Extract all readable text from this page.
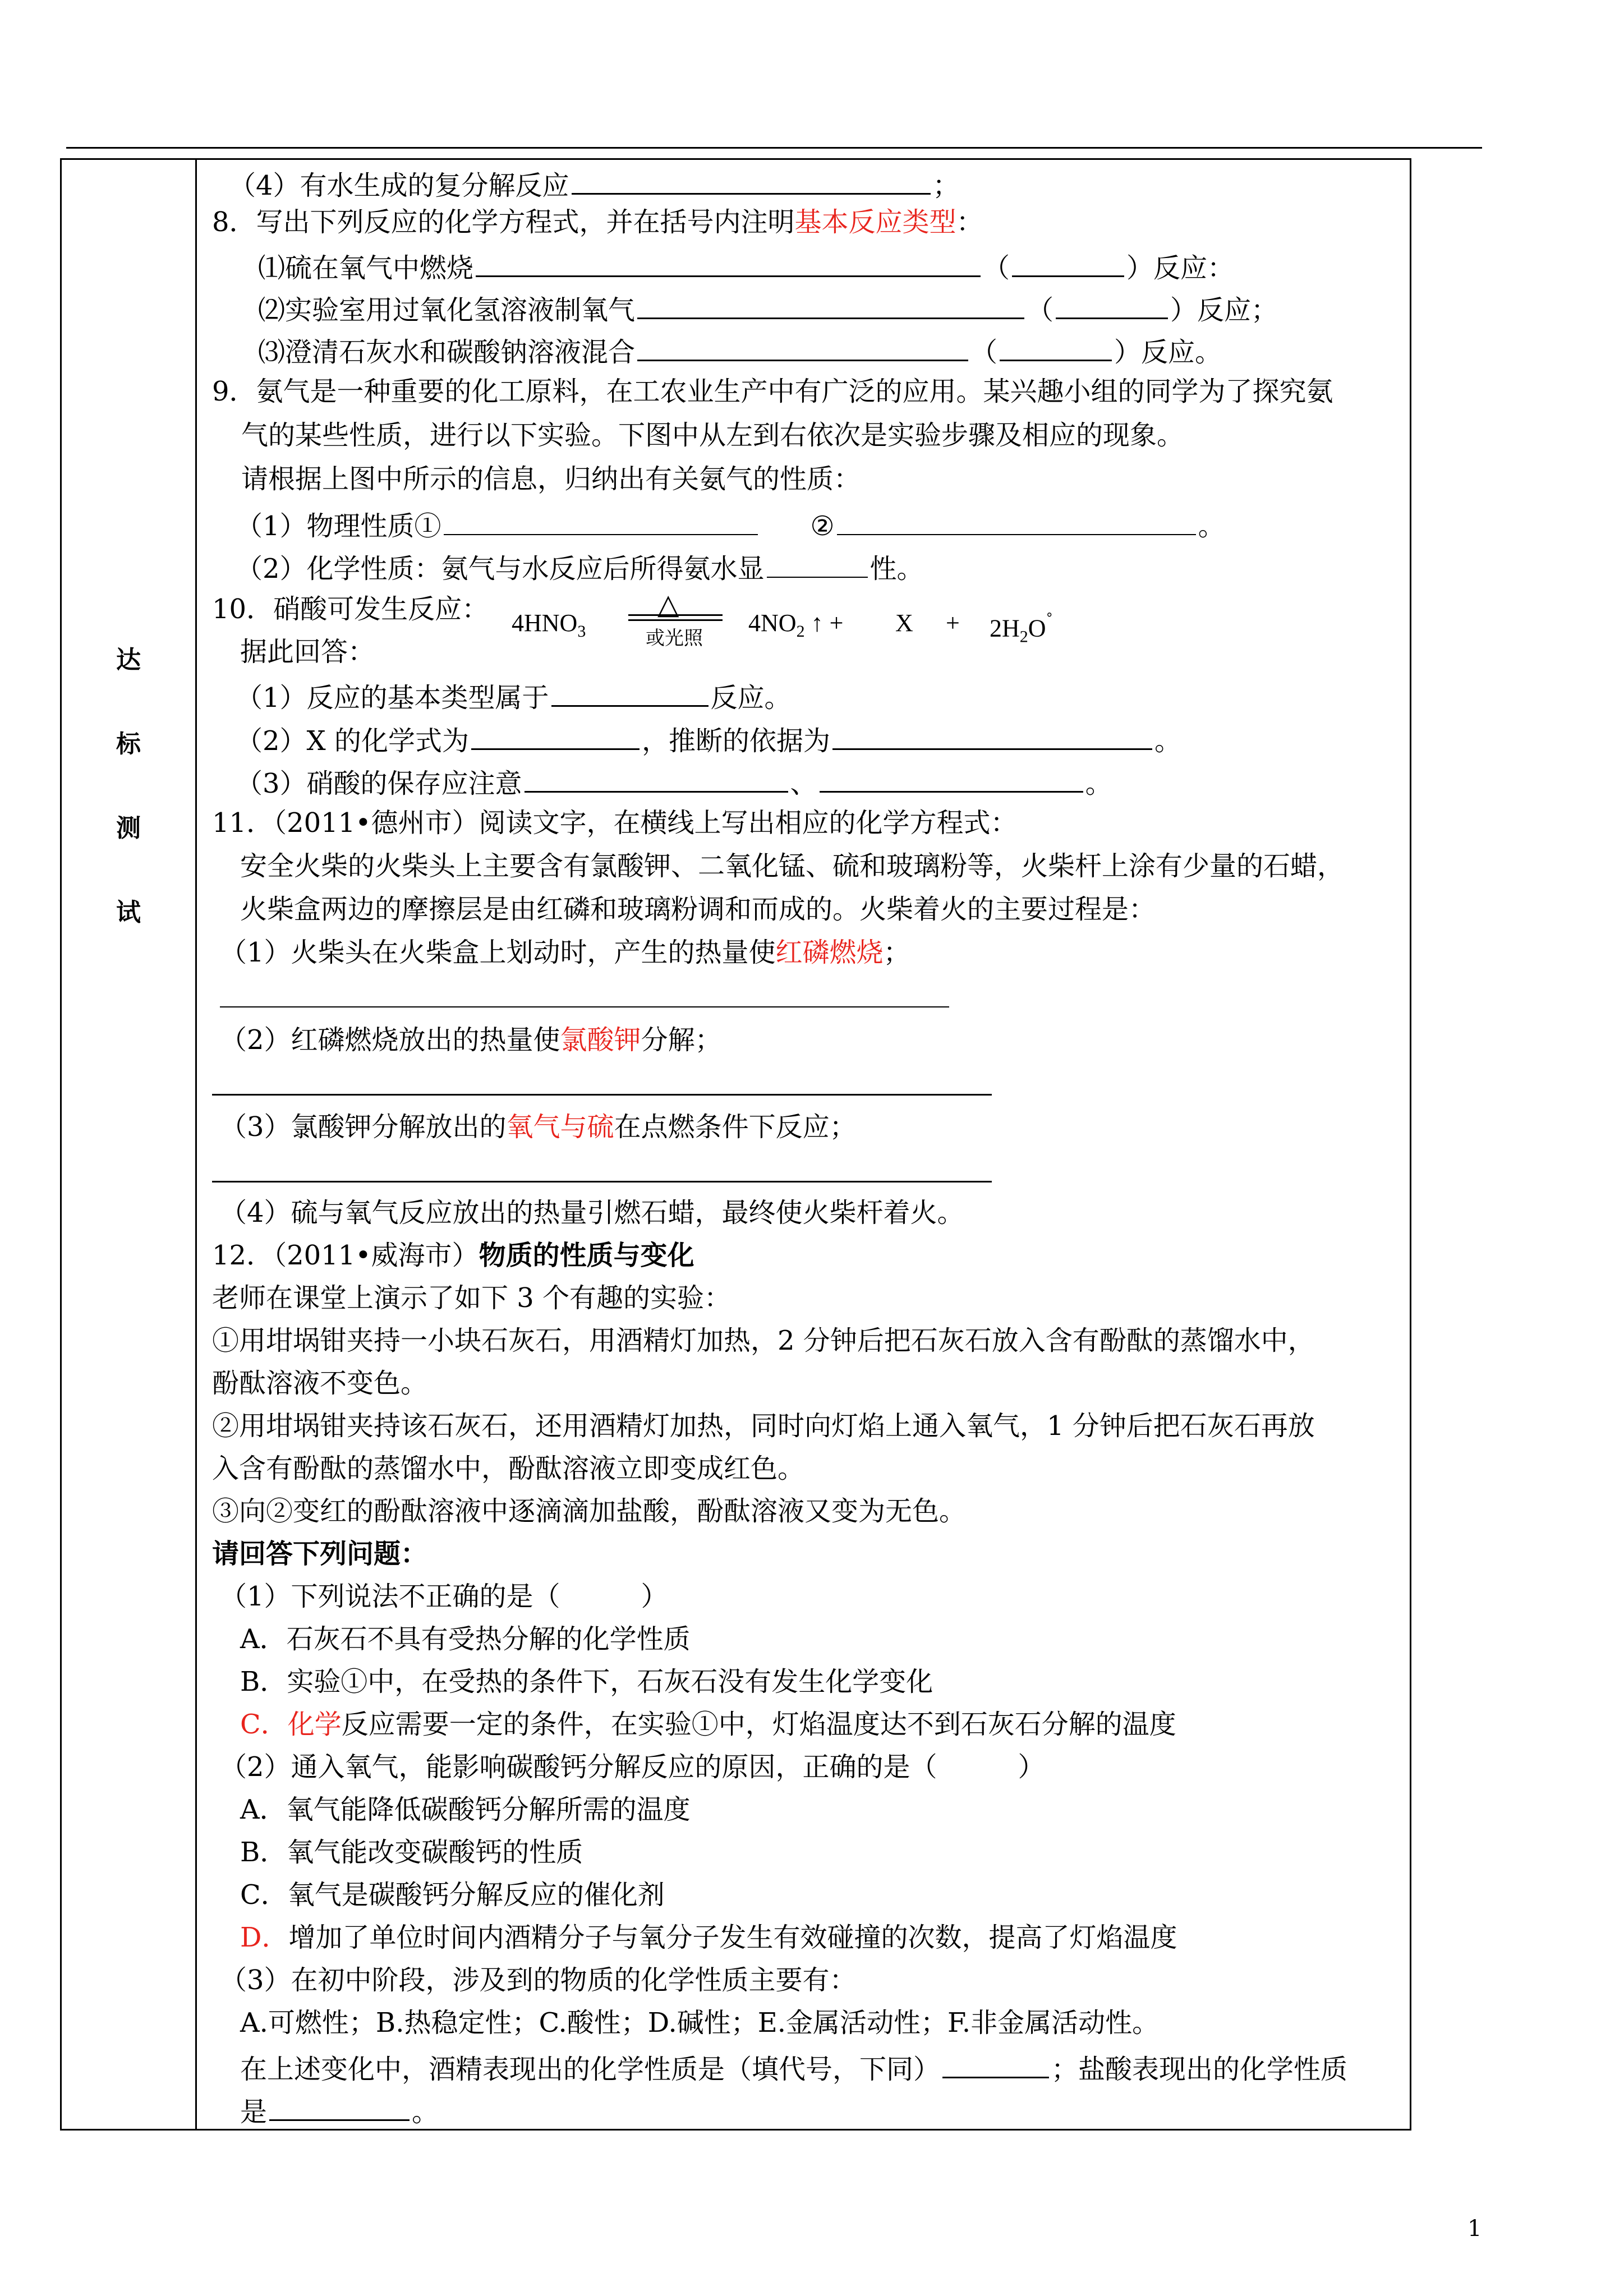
达
标
测
试
（4）有水生成的复分解反应	；
8．写出下列反应的化学方程式，并在括号内注明基本反应类型：
⑴硫在氧气中燃烧	（	）反应：
⑵实验室用过氧化氢溶液制氧气	（	）反应；
⑶澄清石灰水和碳酸钠溶液混合	（	）反应。
9．氨气是一种重要的化工原料，在工农业生产中有广泛的应用。某兴趣小组的同学为了探究氨
气的某些性质，进行以下实验。下图中从左到右依次是实验步骤及相应的现象。
请根据上图中所示的信息，归纳出有关氨气的性质：
（1）物理性质①	②	。
（2）化学性质：氨气与水反应后所得氨水显	性。
10．硝酸可发生反应： $4HNO_3$
△
或光照
$4NO_2$ ↑ + $X + 2H_2O^˚$
据此回答：
（1）反应的基本类型属于	反应。
（2）X 的化学式为	，推断的依据为	。
（3）硝酸的保存应注意	、	。
11．（2011•德州市）阅读文字，在横线上写出相应的化学方程式：
安全火柴的火柴头上主要含有氯酸钾、二氧化锰、硫和玻璃粉等，火柴杆上涂有少量的石蜡，
火柴盒两边的摩擦层是由红磷和玻璃粉调和而成的。火柴着火的主要过程是：
（1）火柴头在火柴盒上划动时，产生的热量使红磷燃烧；
（2）红磷燃烧放出的热量使氯酸钾分解；
（3）氯酸钾分解放出的氧气与硫在点燃条件下反应；
（4）硫与氧气反应放出的热量引燃石蜡，最终使火柴杆着火。
12．（2011•威海市）物质的性质与变化
老师在课堂上演示了如下 3 个有趣的实验：
①用坩埚钳夹持一小块石灰石，用酒精灯加热，2 分钟后把石灰石放入含有酚酞的蒸馏水中，
酚酞溶液不变色。
②用坩埚钳夹持该石灰石，还用酒精灯加热，同时向灯焰上通入氧气，1 分钟后把石灰石再放
入含有酚酞的蒸馏水中，酚酞溶液立即变成红色。
③向②变红的酚酞溶液中逐滴滴加盐酸，酚酞溶液又变为无色。
请回答下列问题：
（1）下列说法不正确的是（　　　）
A．石灰石不具有受热分解的化学性质
B．实验①中，在受热的条件下，石灰石没有发生化学变化
C．化学反应需要一定的条件，在实验①中，灯焰温度达不到石灰石分解的温度
（2）通入氧气，能影响碳酸钙分解反应的原因，正确的是（　　　）
A．氧气能降低碳酸钙分解所需的温度
B．氧气能改变碳酸钙的性质
C．氧气是碳酸钙分解反应的催化剂
D．增加了单位时间内酒精分子与氧分子发生有效碰撞的次数，提高了灯焰温度
（3）在初中阶段，涉及到的物质的化学性质主要有：
A.可燃性；B.热稳定性；C.酸性；D.碱性；E.金属活动性；F.非金属活动性。
在上述变化中，酒精表现出的化学性质是（填代号，下同）	；盐酸表现出的化学性质
是	。
1
